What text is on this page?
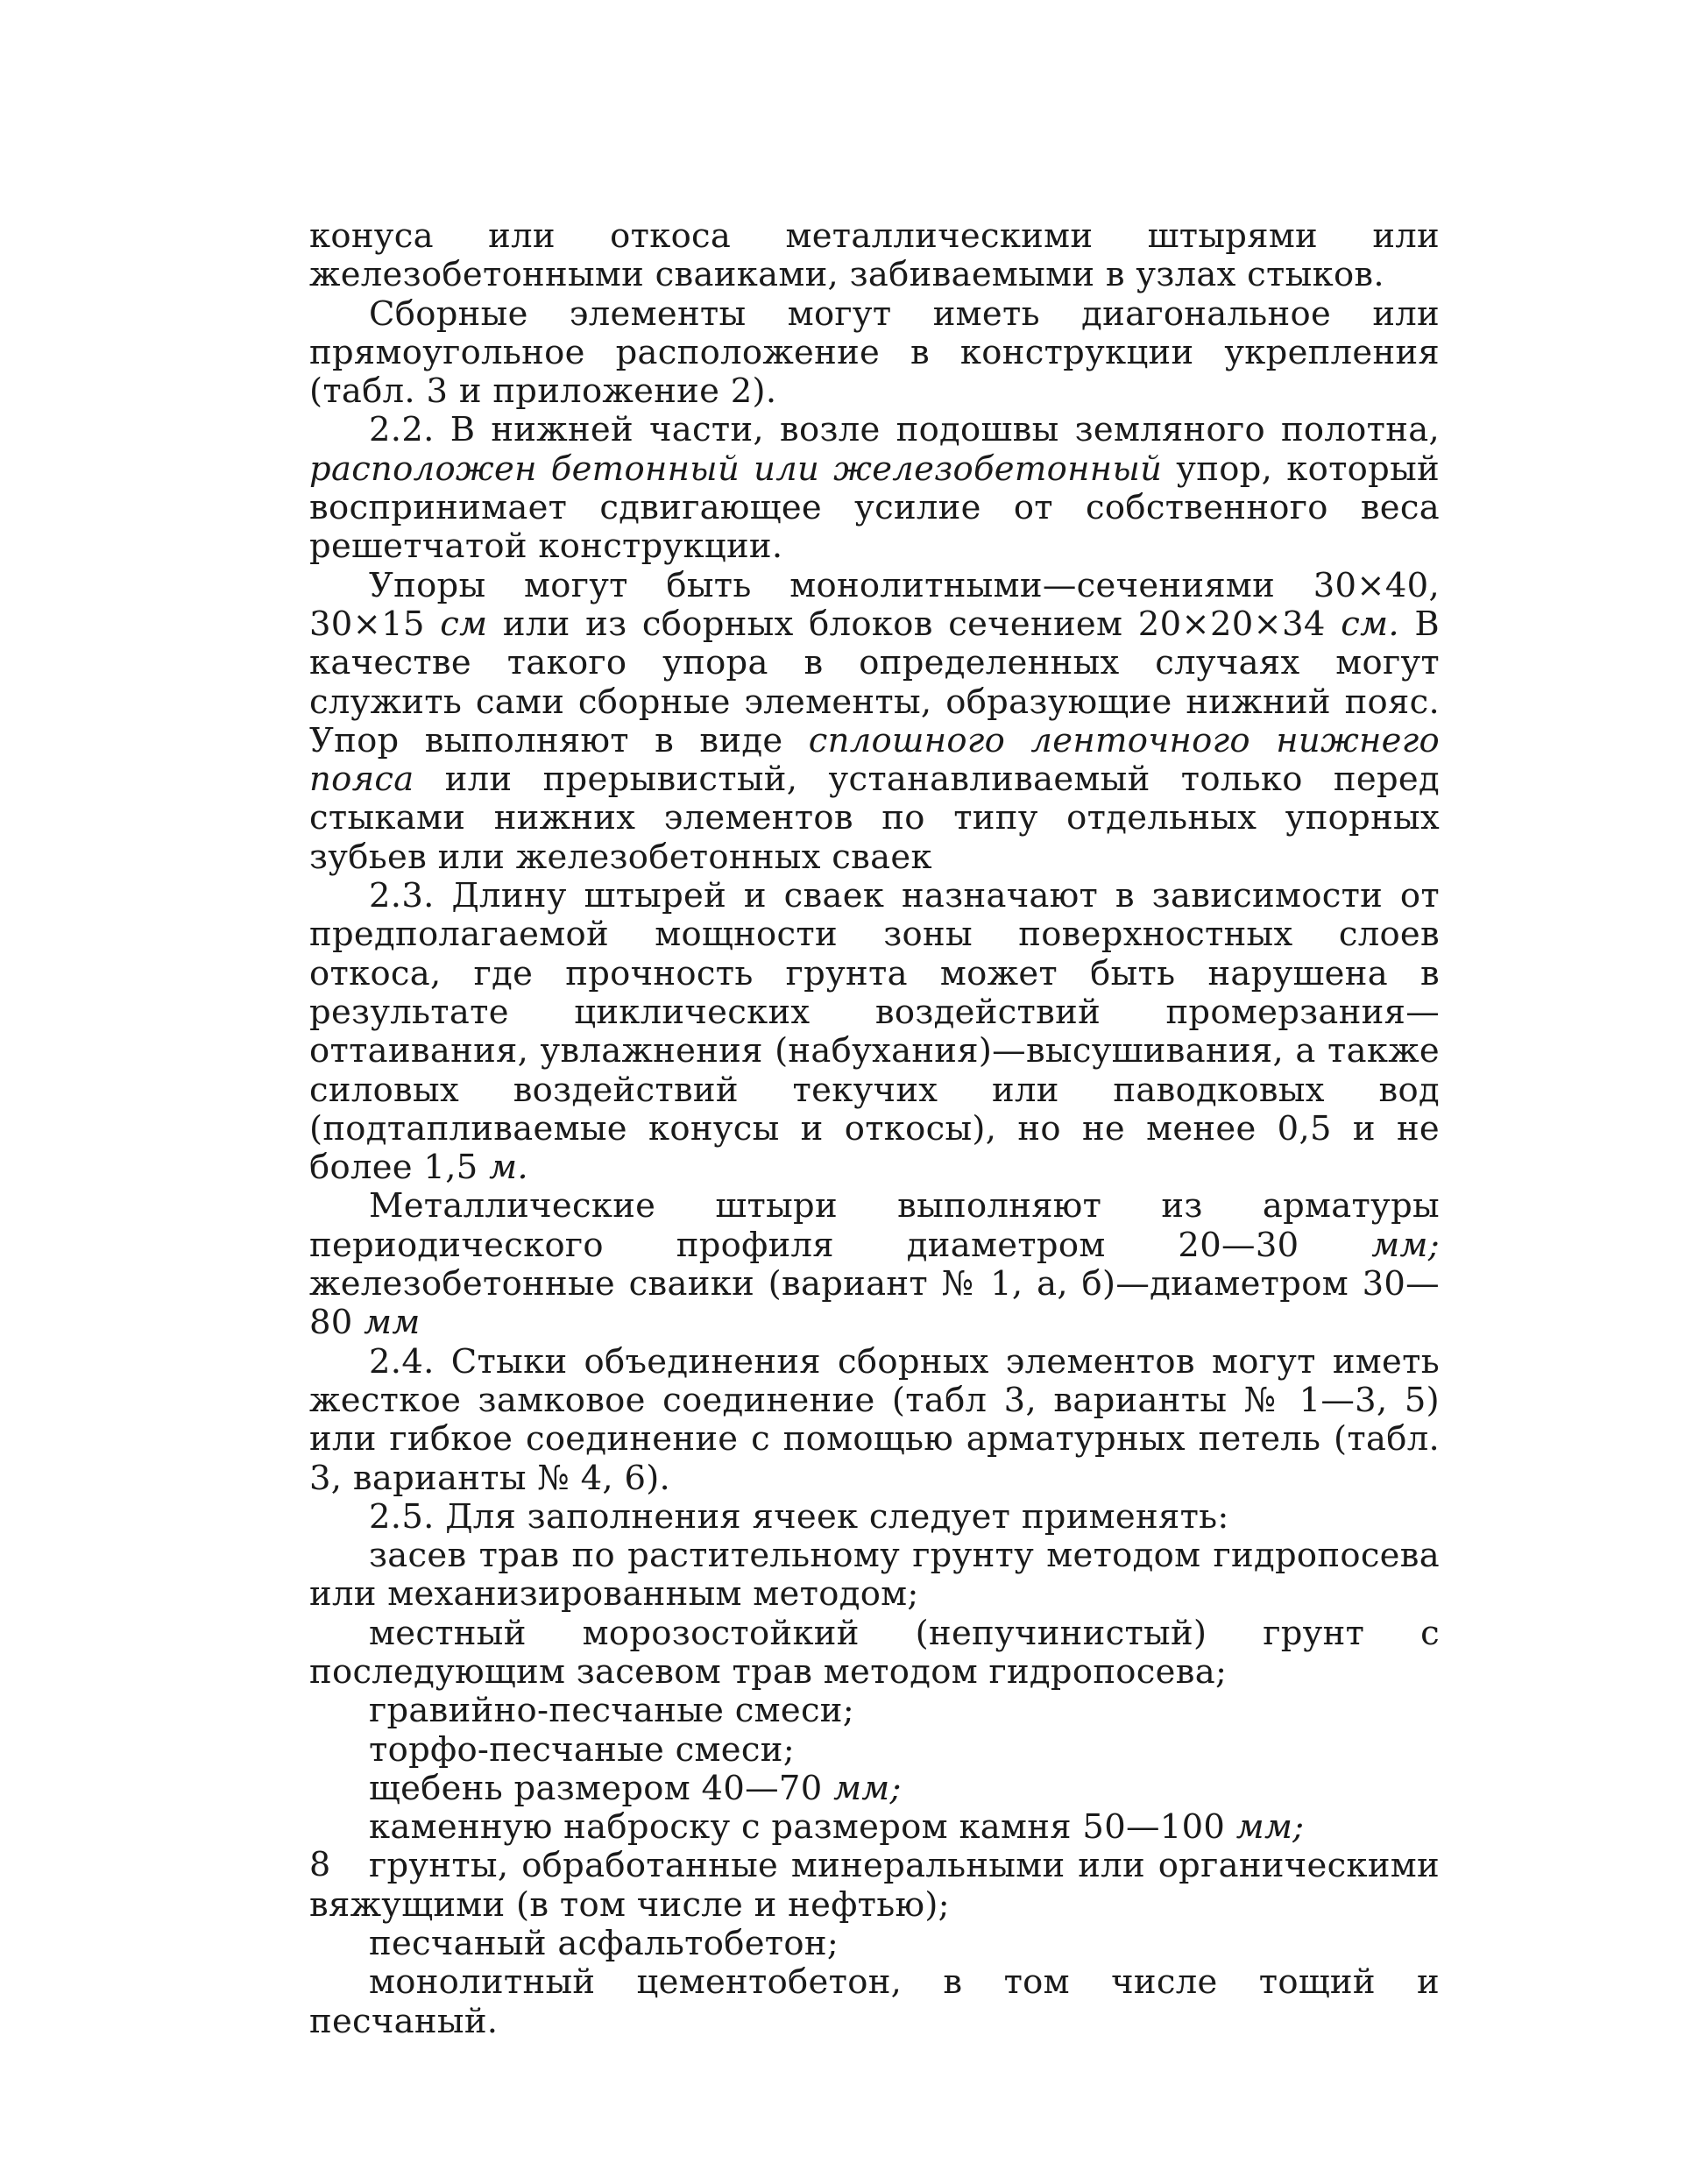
конуса или откоса металлическими штырями или железобетонными сваиками, забиваемыми в узлах стыков.

Сборные элементы могут иметь диагональное или прямоугольное расположение в конструкции укрепления (табл. 3 и приложение 2).

2.2. В нижней части, возле подошвы земляного полотна, расположен бетонный или железобетонный упор, который воспринимает сдвигающее усилие от собственного веса решетчатой конструкции.

Упоры могут быть монолитными—сечениями 30×40, 30×15 см или из сборных блоков сечением 20×20×34 см. В качестве такого упора в определенных случаях могут служить сами сборные элементы, образующие нижний пояс. Упор выполняют в виде сплошного ленточного нижнего пояса или прерывистый, устанавливаемый только перед стыками нижних элементов по типу отдельных упорных зубьев или железобетонных сваек

2.3. Длину штырей и сваек назначают в зависимости от предполагаемой мощности зоны поверхностных слоев откоса, где прочность грунта может быть нарушена в результате циклических воздействий промерзания—оттаивания, увлажнения (набухания)—высушивания, а также силовых воздействий текучих или паводковых вод (подтапливаемые конусы и откосы), но не менее 0,5 и не более 1,5 м.

Металлические штыри выполняют из арматуры периодического профиля диаметром 20—30 мм; железобетонные сваики (вариант № 1, а, б)—диаметром 30—80 мм

2.4. Стыки объединения сборных элементов могут иметь жесткое замковое соединение (табл 3, варианты № 1—3, 5) или гибкое соединение с помощью арматурных петель (табл. 3, варианты № 4, 6).

2.5. Для заполнения ячеек следует применять:

засев трав по растительному грунту методом гидропосева или механизированным методом;

местный морозостойкий (непучинистый) грунт с последующим засевом трав методом гидропосева;

гравийно-песчаные смеси;

торфо-песчаные смеси;

щебень размером 40—70 мм;

каменную наброску с размером камня 50—100 мм;

грунты, обработанные минеральными или органическими вяжущими (в том числе и нефтью);

песчаный асфальтобетон;

монолитный цементобетон, в том числе тощий и песчаный.

8
